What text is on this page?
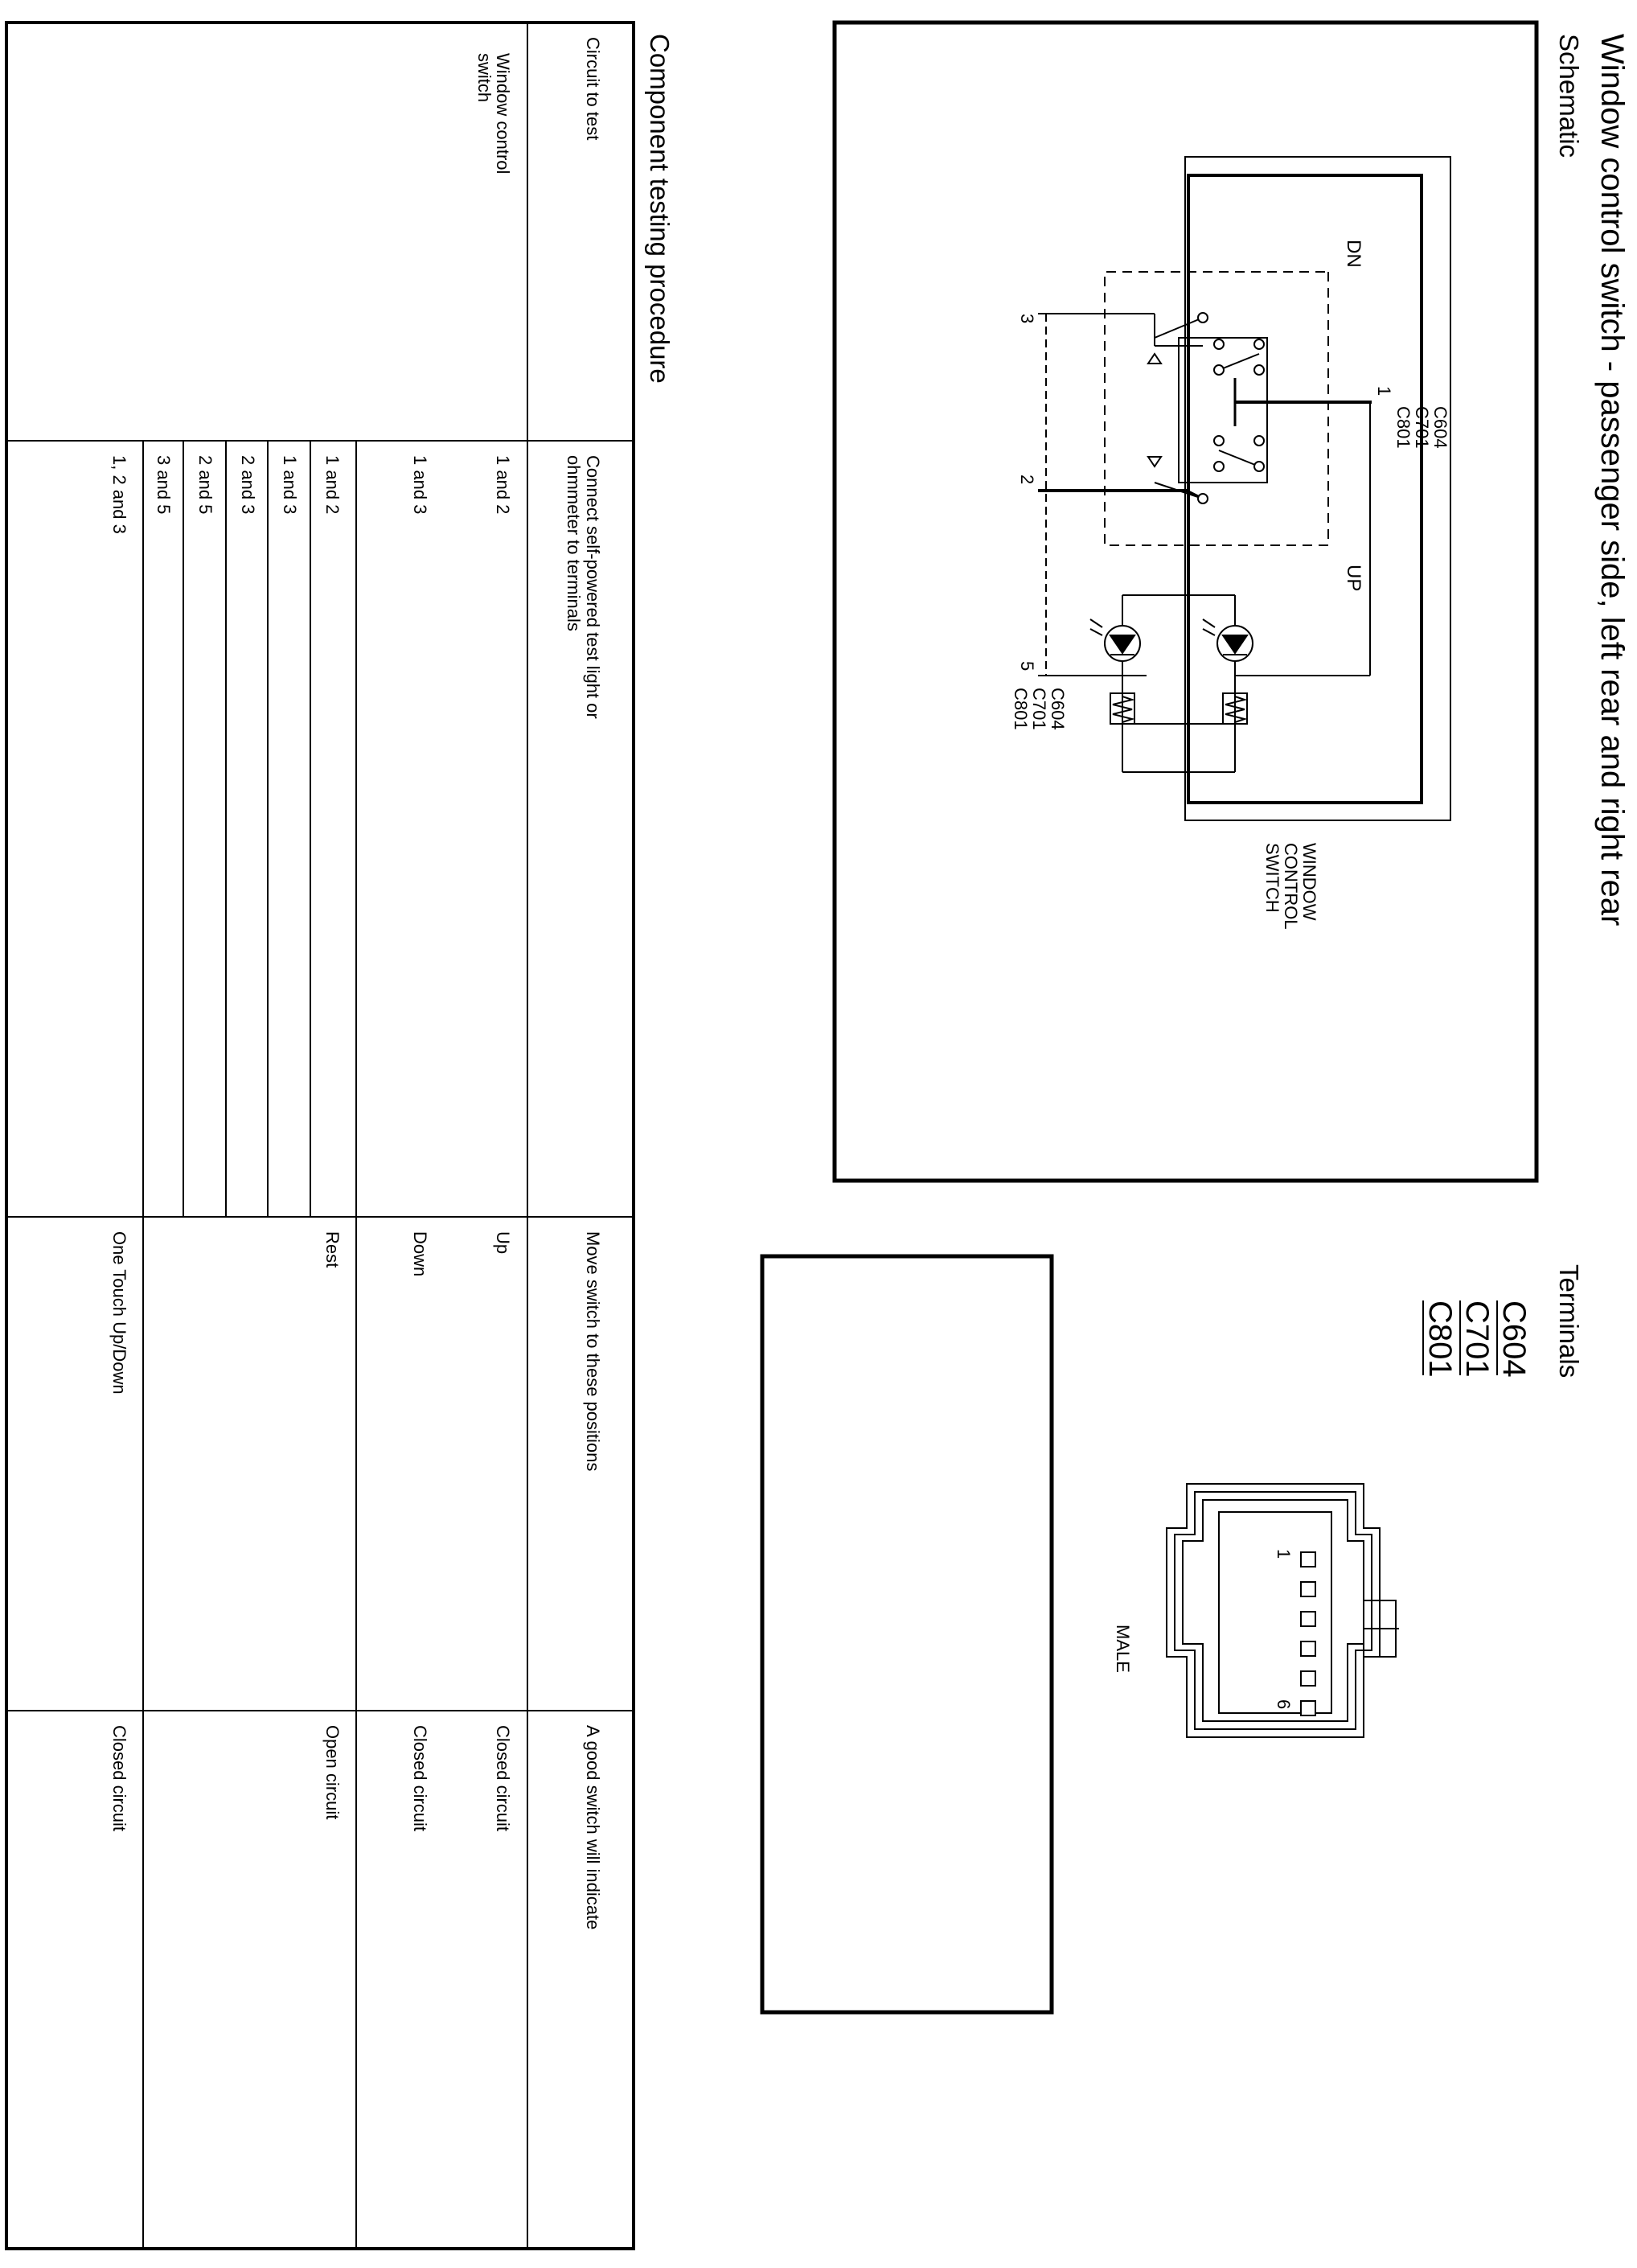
Window control switch - passenger side, left rear and right rear
Schematic
Terminals
C604
C701
C801
C604
C701
C801
1
3
2
5
DN
UP
WINDOW
CONTROL
SWITCH
C604
C701
C801
1
6
MALE
Component testing procedure
Circuit to test
Connect self-powered test light or
ohmmeter to terminals
Move switch to these positions
A good switch will indicate
Window control
switch
1 and 2
Up
Closed circuit
1 and 3
Down
Closed circuit
1 and 2
1 and 3
2 and 3
2 and 5
3 and 5
Rest
Open circuit
1, 2 and 3
One Touch Up/Down
Closed circuit
